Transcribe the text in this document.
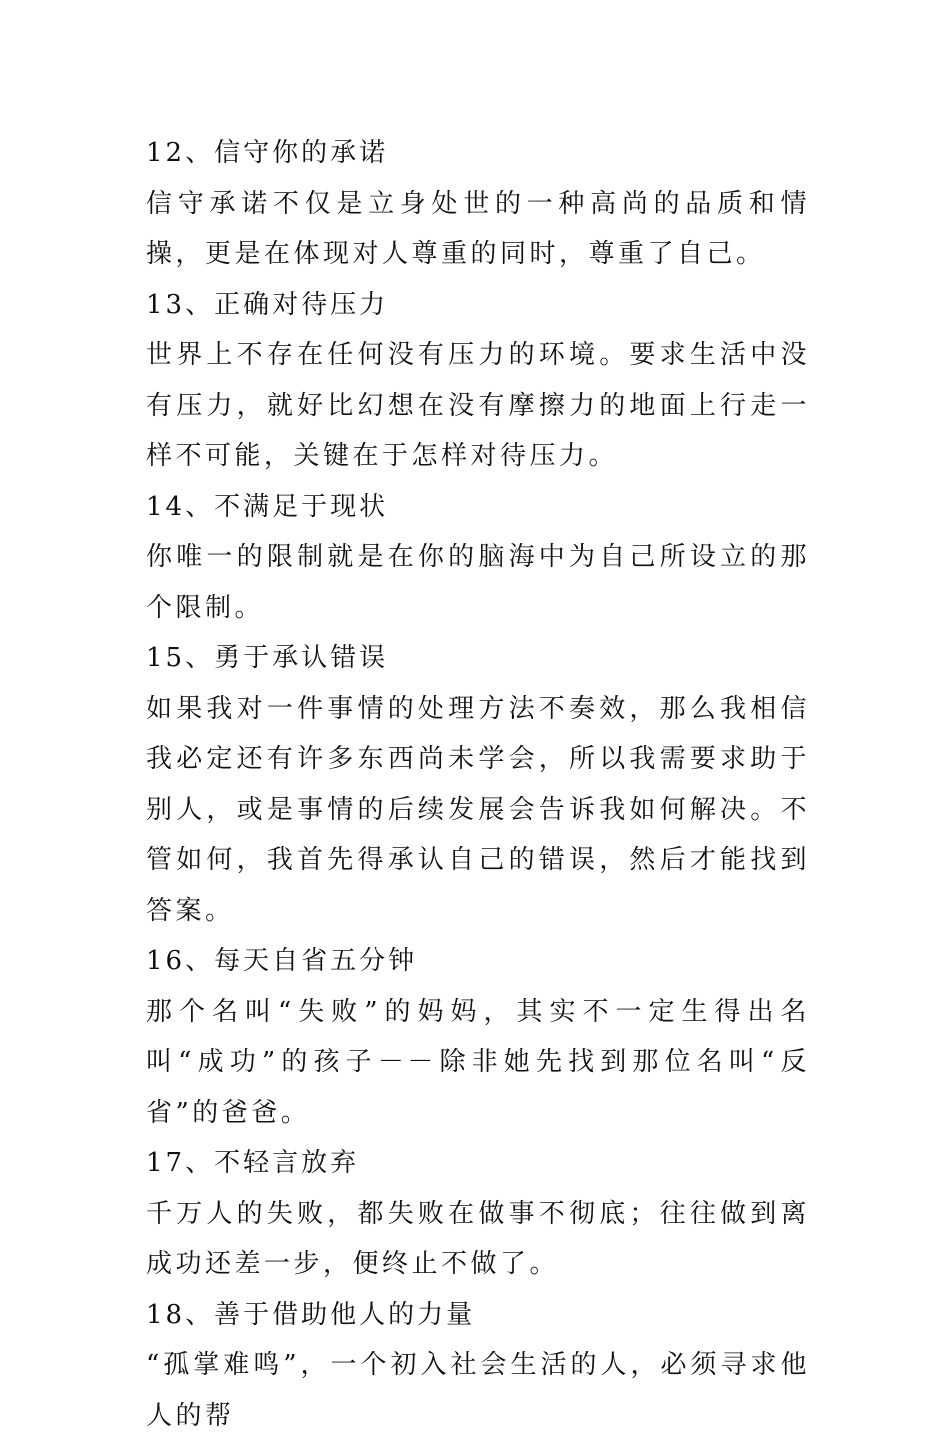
12、信守你的承诺

信守承诺不仅是立身处世的一种高尚的品质和情操，更是在体现对人尊重的同时，尊重了自己。

13、正确对待压力

世界上不存在任何没有压力的环境。要求生活中没有压力，就好比幻想在没有摩擦力的地面上行走一样不可能，关键在于怎样对待压力。

14、不满足于现状

你唯一的限制就是在你的脑海中为自己所设立的那个限制。

15、勇于承认错误

如果我对一件事情的处理方法不奏效，那么我相信我必定还有许多东西尚未学会，所以我需要求助于别人，或是事情的后续发展会告诉我如何解决。不管如何，我首先得承认自己的错误，然后才能找到答案。

16、每天自省五分钟

那个名叫“失败”的妈妈，其实不一定生得出名叫“成功”的孩子－－除非她先找到那位名叫“反省”的爸爸。

17、不轻言放弃

千万人的失败，都失败在做事不彻底；往往做到离成功还差一步，便终止不做了。

18、善于借助他人的力量

“孤掌难鸣”，一个初入社会生活的人，必须寻求他人的帮
